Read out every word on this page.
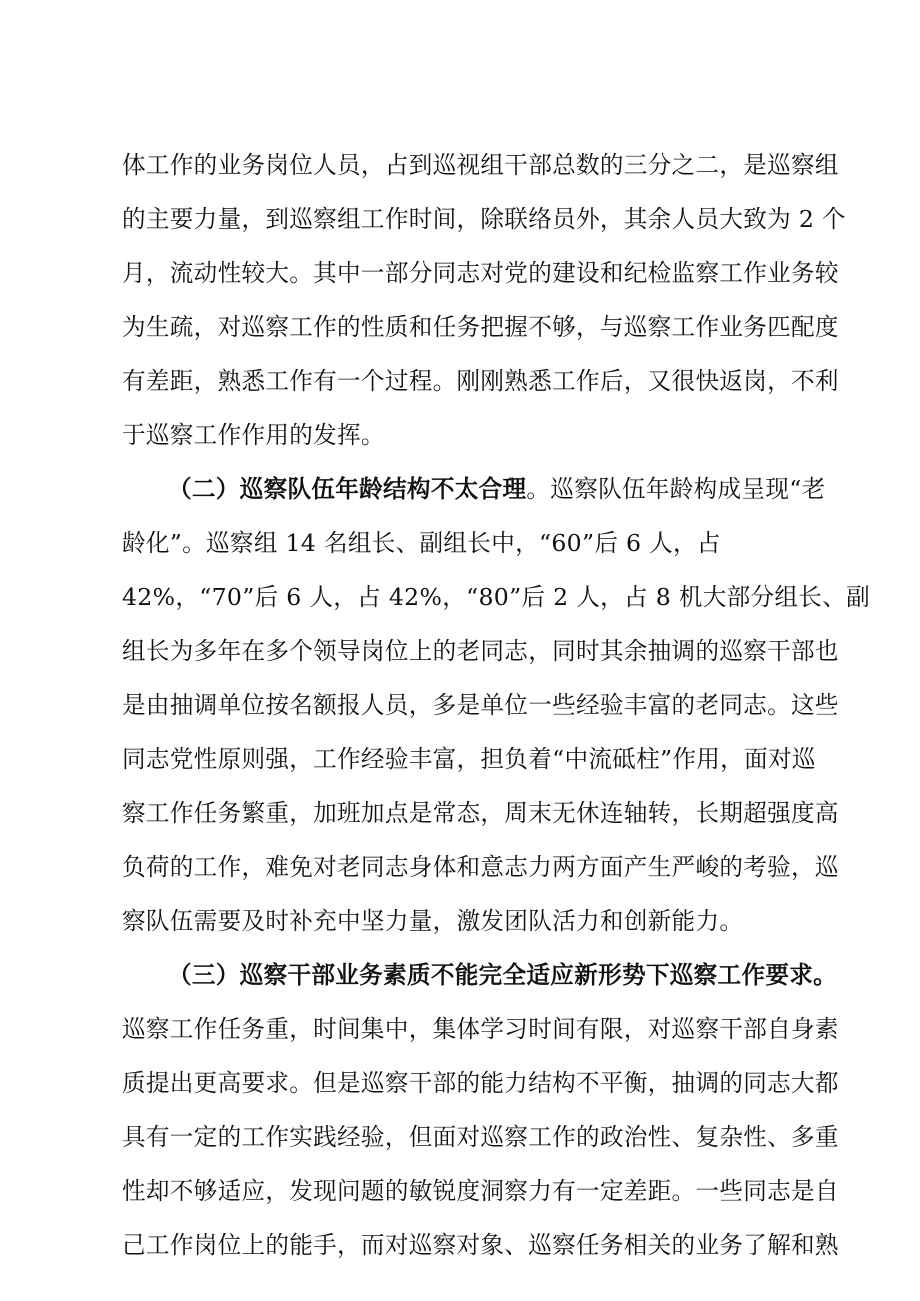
体工作的业务岗位人员，占到巡视组干部总数的三分之二，是巡察组
的主要力量，到巡察组工作时间，除联络员外，其余人员大致为 2 个
月，流动性较大。其中一部分同志对党的建设和纪检监察工作业务较
为生疏，对巡察工作的性质和任务把握不够，与巡察工作业务匹配度
有差距，熟悉工作有一个过程。刚刚熟悉工作后，又很快返岗，不利
于巡察工作作用的发挥。
（二）巡察队伍年龄结构不太合理。巡察队伍年龄构成呈现“老
龄化”。巡察组 14 名组长、副组长中，“60”后 6 人，占
42%，“70”后 6 人，占 42%，“80”后 2 人，占 8 机大部分组长、副
组长为多年在多个领导岗位上的老同志，同时其余抽调的巡察干部也
是由抽调单位按名额报人员，多是单位一些经验丰富的老同志。这些
同志党性原则强，工作经验丰富，担负着“中流砥柱”作用，面对巡
察工作任务繁重，加班加点是常态，周末无休连轴转，长期超强度高
负荷的工作，难免对老同志身体和意志力两方面产生严峻的考验，巡
察队伍需要及时补充中坚力量，激发团队活力和创新能力。
（三）巡察干部业务素质不能完全适应新形势下巡察工作要求。
巡察工作任务重，时间集中，集体学习时间有限，对巡察干部自身素
质提出更高要求。但是巡察干部的能力结构不平衡，抽调的同志大都
具有一定的工作实践经验，但面对巡察工作的政治性、复杂性、多重
性却不够适应，发现问题的敏锐度洞察力有一定差距。一些同志是自
己工作岗位上的能手，而对巡察对象、巡察任务相关的业务了解和熟
